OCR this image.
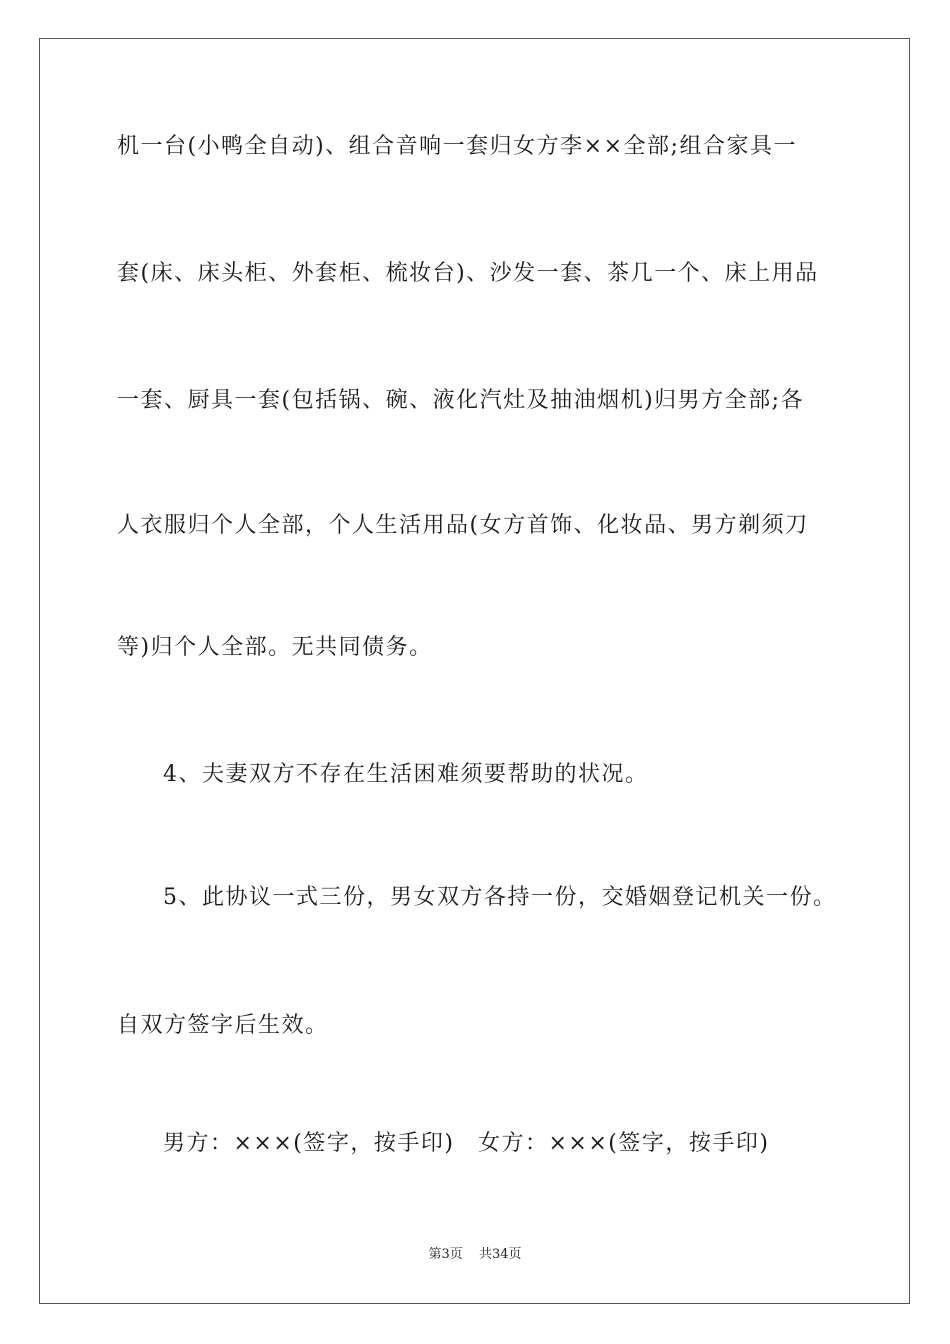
机一台(小鸭全自动)、组合音响一套归女方李××全部;组合家具一

套(床、床头柜、外套柜、梳妆台)、沙发一套、茶几一个、床上用品

一套、厨具一套(包括锅、碗、液化汽灶及抽油烟机)归男方全部;各

人衣服归个人全部，个人生活用品(女方首饰、化妆品、男方剃须刀

等)归个人全部。无共同债务。

4、夫妻双方不存在生活困难须要帮助的状况。

5、此协议一式三份，男女双方各持一份，交婚姻登记机关一份。

自双方签字后生效。

男方：×××(签字，按手印)　女方：×××(签字，按手印)

第3页 共34页
